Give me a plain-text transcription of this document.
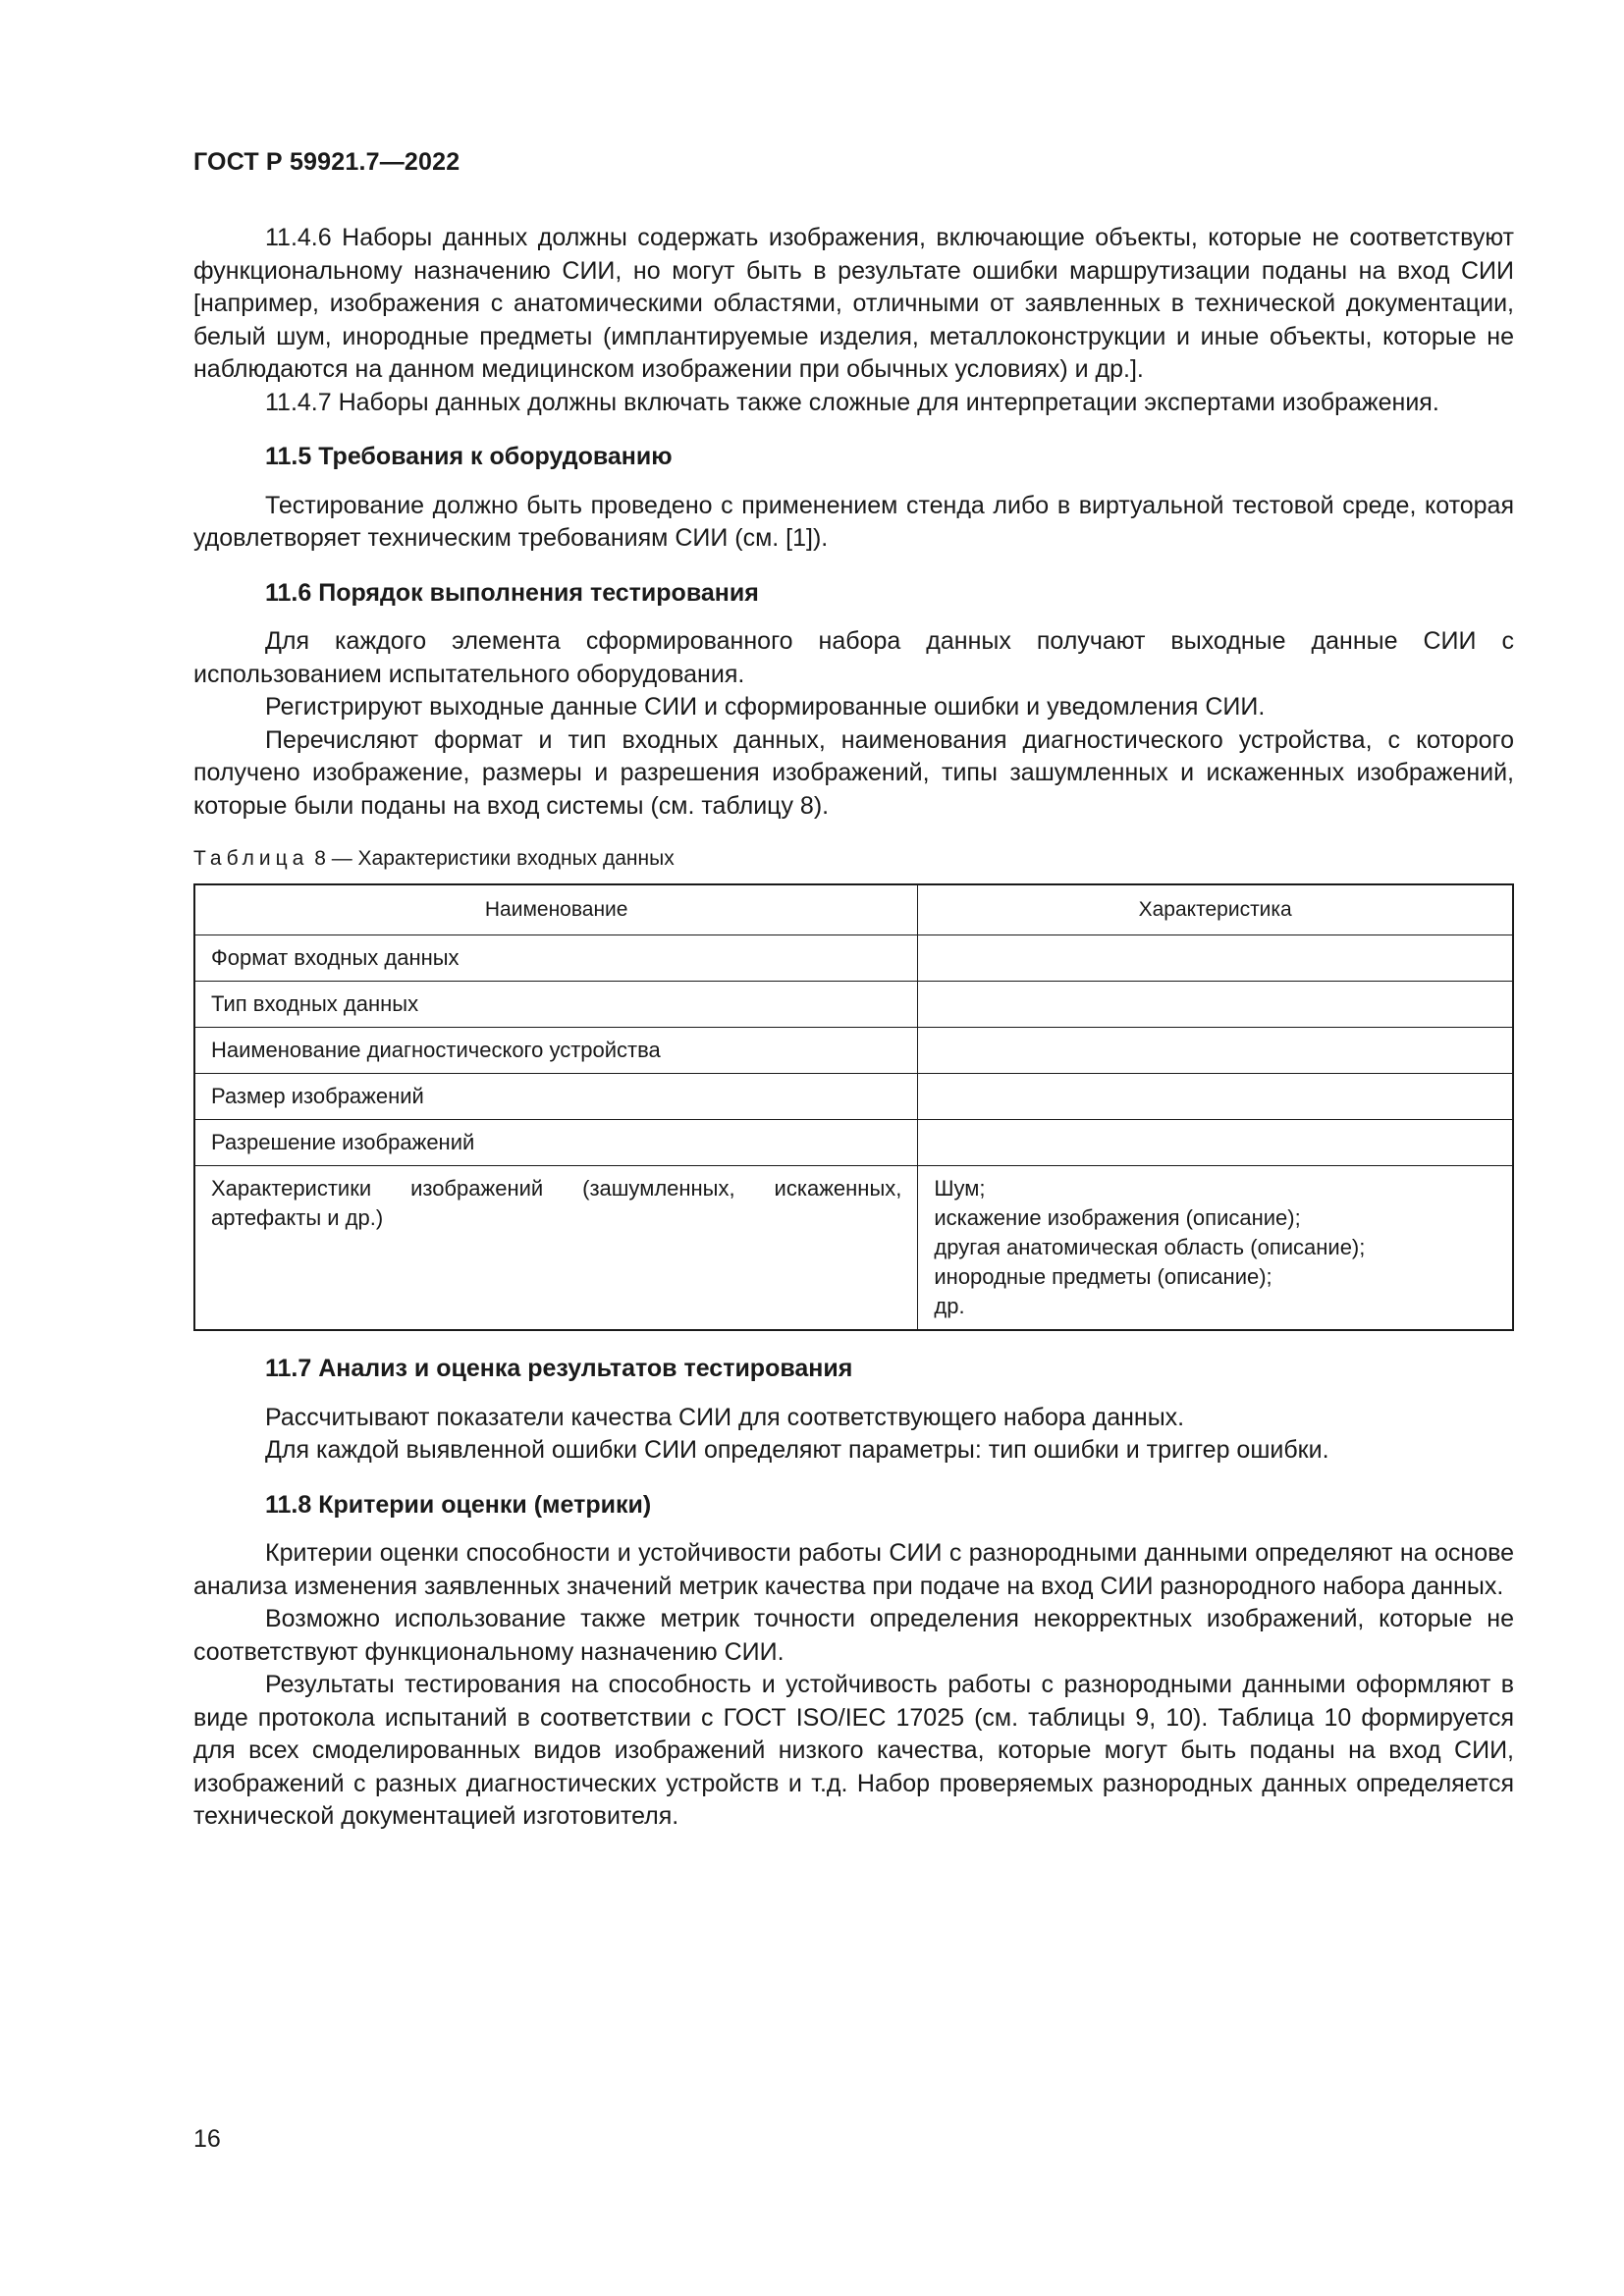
ГОСТ Р 59921.7—2022

11.4.6 Наборы данных должны содержать изображения, включающие объекты, которые не соответствуют функциональному назначению СИИ, но могут быть в результате ошибки маршрутизации поданы на вход СИИ [например, изображения с анатомическими областями, отличными от заявленных в технической документации, белый шум, инородные предметы (имплантируемые изделия, металлоконструкции и иные объекты, которые не наблюдаются на данном медицинском изображении при обычных условиях) и др.].

11.4.7 Наборы данных должны включать также сложные для интерпретации экспертами изображения.

11.5 Требования к оборудованию

Тестирование должно быть проведено с применением стенда либо в виртуальной тестовой среде, которая удовлетворяет техническим требованиям СИИ (см. [1]).

11.6 Порядок выполнения тестирования

Для каждого элемента сформированного набора данных получают выходные данные СИИ с использованием испытательного оборудования.

Регистрируют выходные данные СИИ и сформированные ошибки и уведомления СИИ.

Перечисляют формат и тип входных данных, наименования диагностического устройства, с которого получено изображение, размеры и разрешения изображений, типы зашумленных и искаженных изображений, которые были поданы на вход системы (см. таблицу 8).

Таблица 8 — Характеристики входных данных
Наименование	Характеристика
Формат входных данных	
Тип входных данных	
Наименование диагностического устройства	
Размер изображений	
Разрешение изображений	
Характеристики изображений (зашумленных, искаженных, артефакты и др.)	Шум;
искажение изображения (описание);
другая анатомическая область (описание);
инородные предметы (описание);
др.
11.7 Анализ и оценка результатов тестирования

Рассчитывают показатели качества СИИ для соответствующего набора данных.

Для каждой выявленной ошибки СИИ определяют параметры: тип ошибки и триггер ошибки.

11.8 Критерии оценки (метрики)

Критерии оценки способности и устойчивости работы СИИ с разнородными данными определяют на основе анализа изменения заявленных значений метрик качества при подаче на вход СИИ разнородного набора данных.

Возможно использование также метрик точности определения некорректных изображений, которые не соответствуют функциональному назначению СИИ.

Результаты тестирования на способность и устойчивость работы с разнородными данными оформляют в виде протокола испытаний в соответствии с ГОСТ ISO/IEC 17025 (см. таблицы 9, 10). Таблица 10 формируется для всех смоделированных видов изображений низкого качества, которые могут быть поданы на вход СИИ, изображений с разных диагностических устройств и т.д. Набор проверяемых разнородных данных определяется технической документацией изготовителя.

16
